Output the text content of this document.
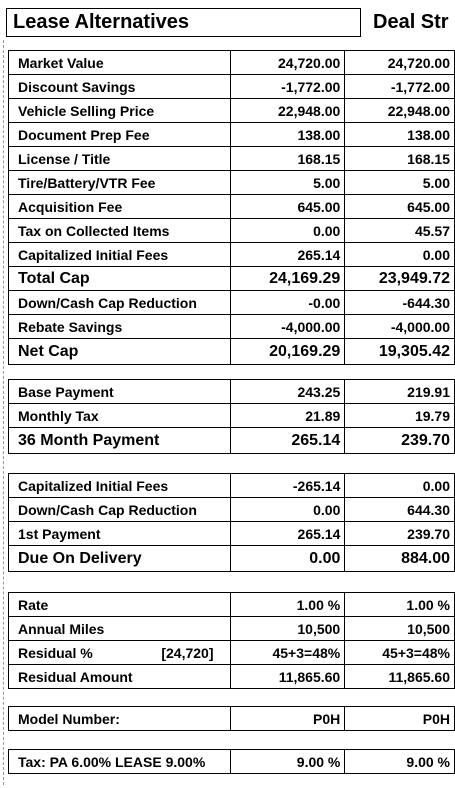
Lease Alternatives	Deal Str
Market Value	24,720.00	24,720.00
Discount Savings	-1,772.00	-1,772.00
Vehicle Selling Price	22,948.00	22,948.00
Document Prep Fee	138.00	138.00
License / Title	168.15	168.15
Tire/Battery/VTR Fee	5.00	5.00
Acquisition Fee	645.00	645.00
Tax on Collected Items	0.00	45.57
Capitalized Initial Fees	265.14	0.00
Total Cap	24,169.29	23,949.72
Down/Cash Cap Reduction	-0.00	-644.30
Rebate Savings	-4,000.00	-4,000.00
Net Cap	20,169.29	19,305.42
Base Payment	243.25	219.91
Monthly Tax	21.89	19.79
36 Month Payment	265.14	239.70
Capitalized Initial Fees	-265.14	0.00
Down/Cash Cap Reduction	0.00	644.30
1st Payment	265.14	239.70
Due On Delivery	0.00	884.00
Rate	1.00 %	1.00 %
Annual Miles	10,500	10,500

Residual % [24,720]	45+3=48%	45+3=48%
Residual Amount	11,865.60	11,865.60
Model Number:	P0H	P0H
Tax: PA 6.00% LEASE 9.00%	9.00 %	9.00 %
